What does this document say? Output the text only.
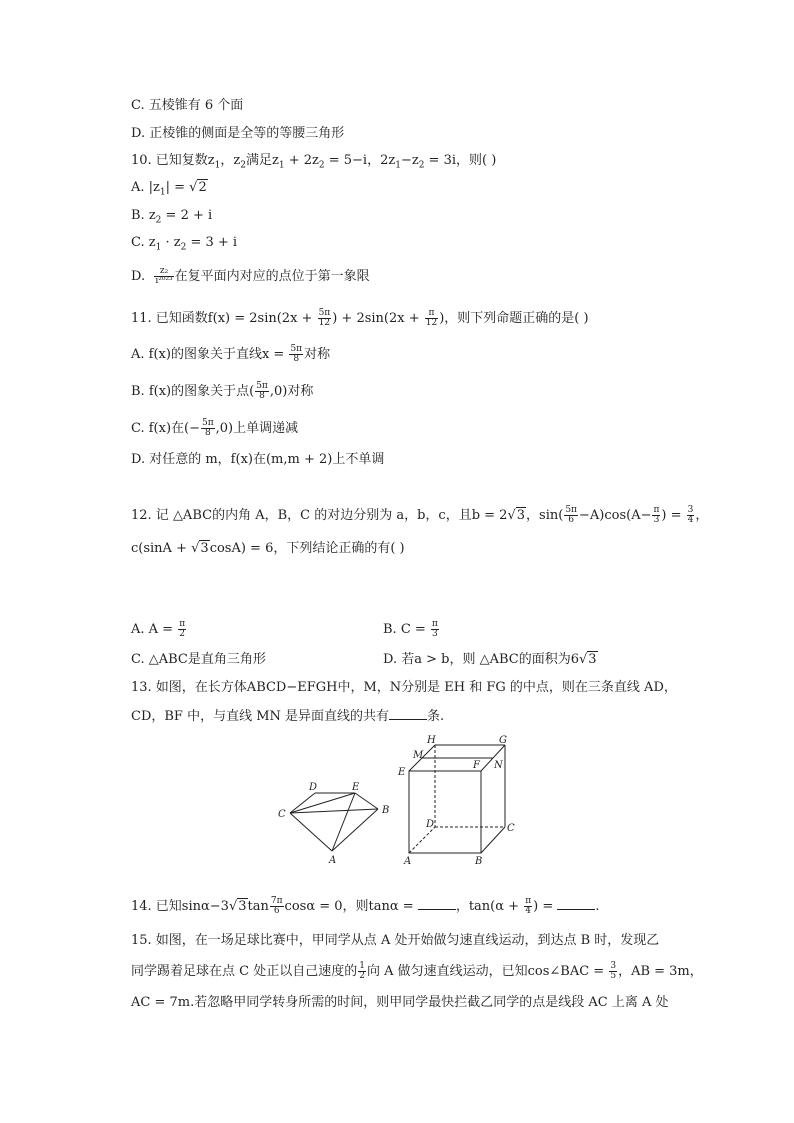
C. 五棱锥有 6 个面
D. 正棱锥的侧面是全等的等腰三角形
10. 已知复数$z_1$，$z_2$满足$z_1 + 2z_2 = 5-i$，$2z_1-z_2 = 3i$，则( )
A. $|z_1| = √2$
B. $z_2 = 2 + i$
C. $z_1 \cdot z_2 = 3 + i$
D. $\frac{\text{z₂}}{\text{i²⁰²³}}$ 在复平面内对应的点位于第一象限
11. 已知函数$f(x) = 2\sin(2x + \frac{5\pi}{12}$ ) + $2\sin(2x + \frac{\pi}{12}$ )，则下列命题正确的是( )
A. f(x)的图象关于直线$x = \frac{5\pi}{8}$ 对称
B. f(x)的图象关于点( $\frac{5\pi}{8} ,0$)对称
C. f(x)在(− $\frac{5\pi}{8} ,0$)上单调递减
D. 对任意的 m，f(x)在(m,m + 2)上不单调
12. 记 △ABC的内角 A，B，C 的对边分别为 a，b，c，且b = 2√3，$\sin( \frac{5\pi}{6} -A)\cos(A- \frac{\pi}{3}$ ) = $\frac{3}{4}$ ，
c(sinA + √3cosA) = 6，下列结论正确的有( )
A. $A = \frac{\pi}{2}$	B. $C = \frac{\pi}{3}$
C. △ABC是直角三角形	D. 若a > b，则 △ABC的面积为6√3
13. 如图，在长方体ABCD−EFGH中，M，N分别是 EH 和 FG 的中点，则在三条直线 AD，
CD，BF 中，与直线 MN 是异面直线的共有	条.
D	E
C	B
A
H	G
M
E
F N
D	C
A	B
14. 已知$\sin\alpha-3√3\tan \frac{7\pi}{6}$ cosα = 0，则tanα =	，$\tan(\alpha + \frac{\pi}{4}$ ) =	.
15. 如图，在一场足球比赛中，甲同学从点 A 处开始做匀速直线运动，到达点 B 时，发现乙
同学踢着足球在点 C 处正以自己速度的 $\frac{1}{2}$ 向 A 做匀速直线运动，已知cos∠BAC = $\frac{3}{5}$ ，AB = 3m，
AC = 7m.若忽略甲同学转身所需的时间，则甲同学最快拦截乙同学的点是线段 AC 上离 A 处
